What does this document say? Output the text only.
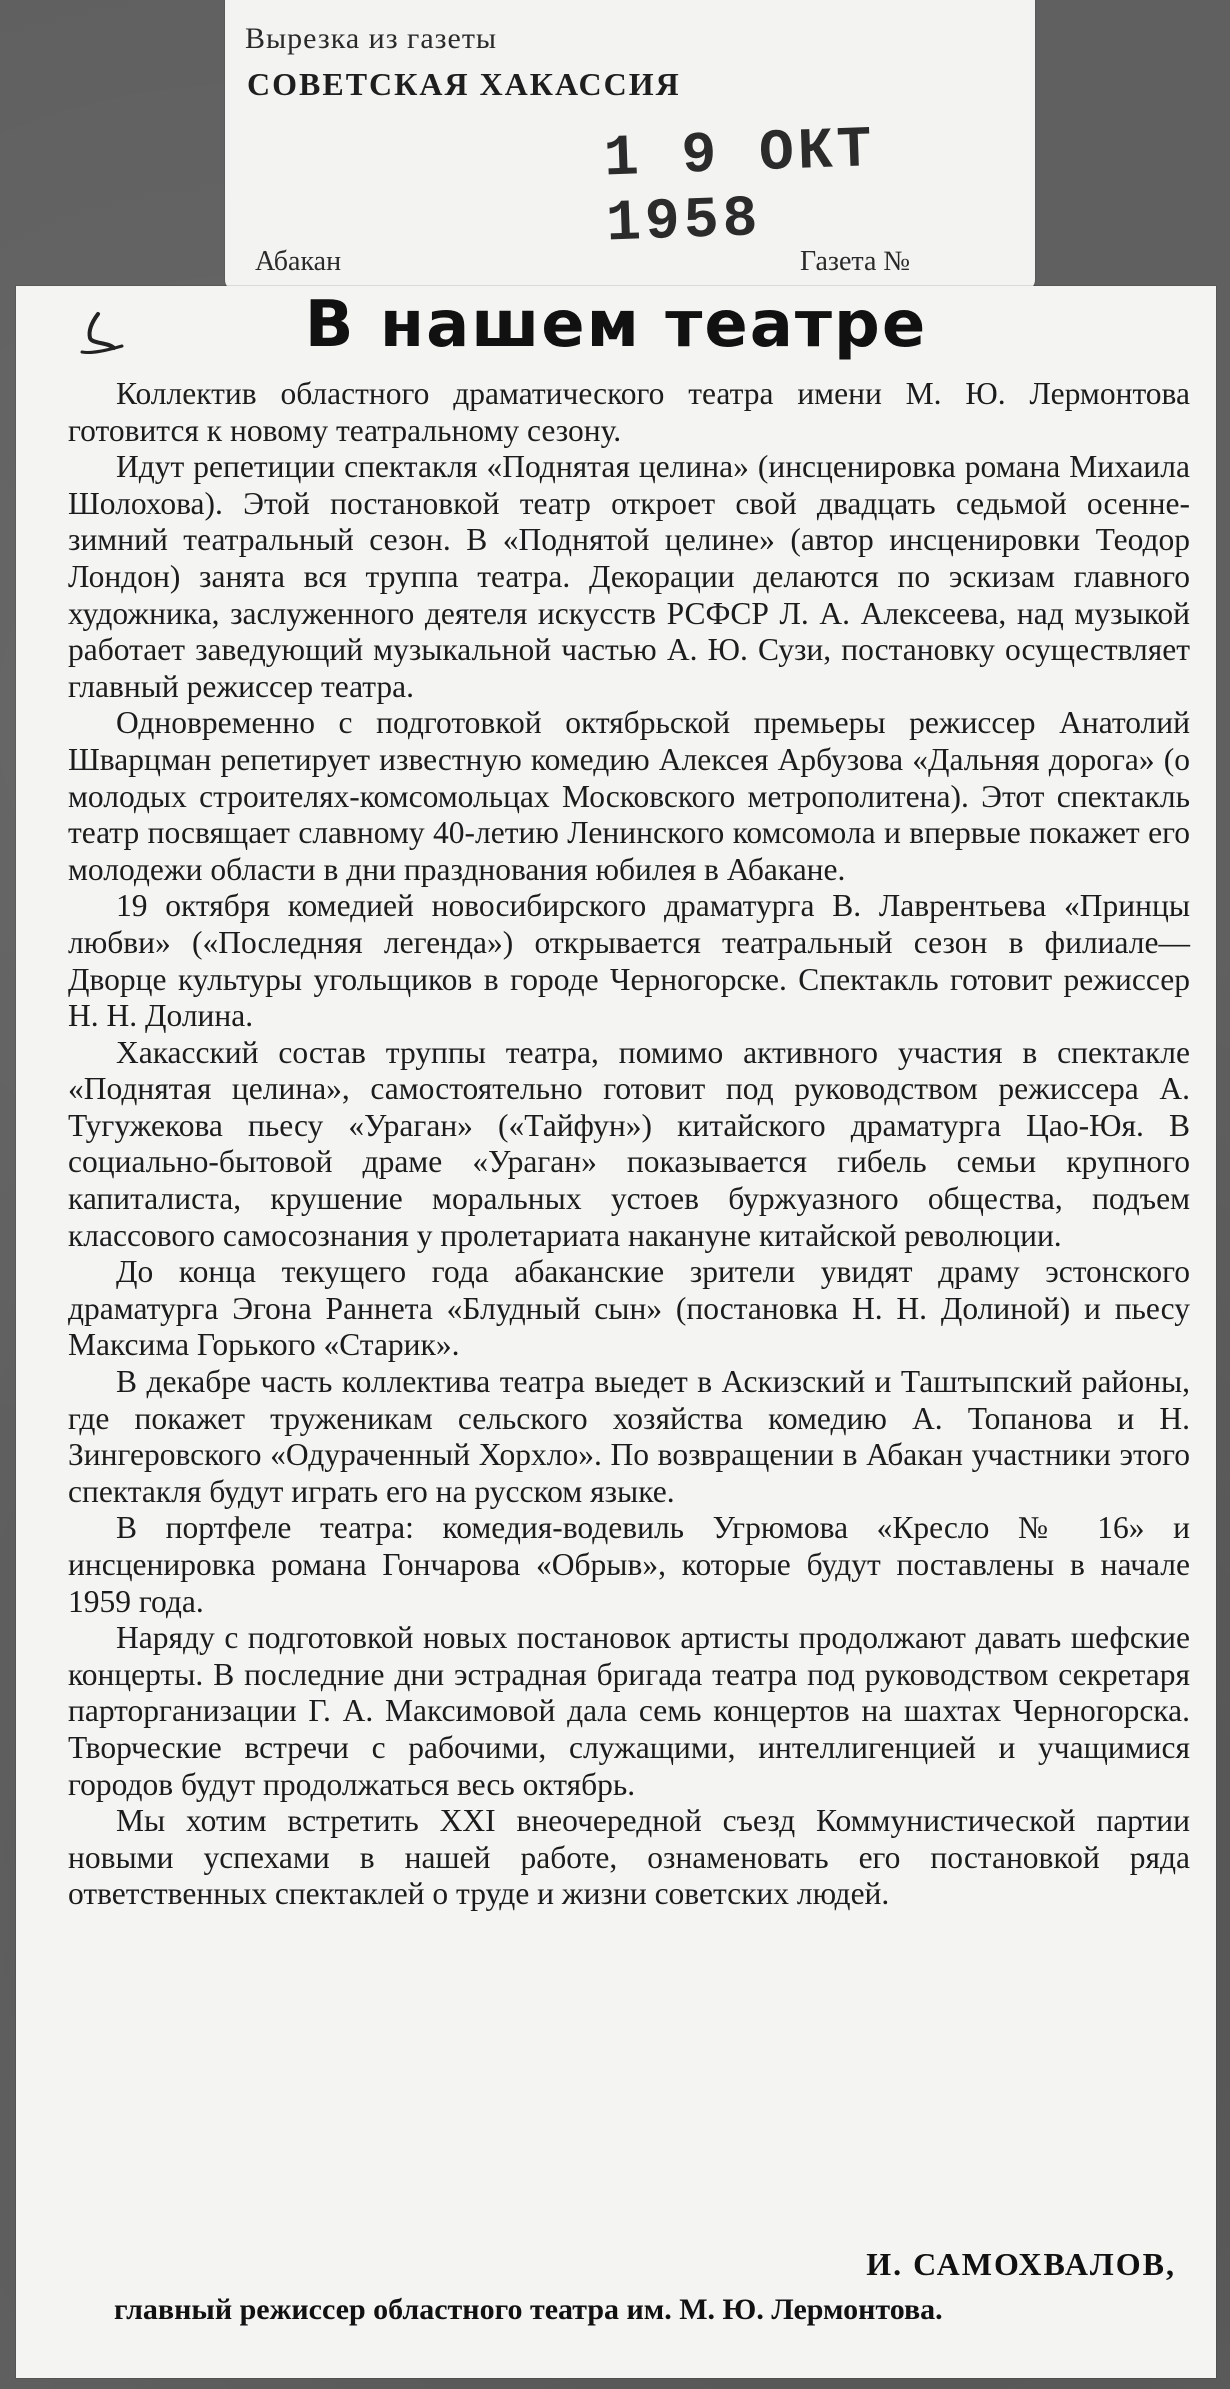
Вырезка из газеты
СОВЕТСКАЯ ХАКАССИЯ
1 9 ОКТ 1958
Абакан	Газета №
В нашем театре

Коллектив областного драматического театра имени М. Ю. Лермонтова готовится к новому театральному сезону.

Идут репетиции спектакля «Поднятая целина» (инсценировка романа Михаила Шолохова). Этой постановкой театр откроет свой двадцать седьмой осенне-зимний театральный сезон. В «Поднятой целине» (автор инсценировки Теодор Лондон) занята вся труппа театра. Декорации делаются по эскизам главного художника, заслуженного деятеля искусств РСФСР Л. А. Алексеева, над музыкой работает заведующий музыкальной частью А. Ю. Сузи, постановку осуществляет главный режиссер театра.

Одновременно с подготовкой октябрьской премьеры режиссер Анатолий Шварцман репетирует известную комедию Алексея Арбузова «Дальняя дорога» (о молодых строителях-комсомольцах Московского метрополитена). Этот спектакль театр посвящает славному 40-летию Ленинского комсомола и впервые покажет его молодежи области в дни празднования юбилея в Абакане.

19 октября комедией новосибирского драматурга В. Лаврентьева «Принцы любви» («Последняя легенда») открывается театральный сезон в филиале—Дворце культуры угольщиков в городе Черногорске. Спектакль готовит режиссер Н. Н. Долина.

Хакасский состав труппы театра, помимо активного участия в спектакле «Поднятая целина», самостоятельно готовит под руководством режиссера А. Тугужекова пьесу «Ураган» («Тайфун») китайского драматурга Цао-Юя. В социально-бытовой драме «Ураган» показывается гибель семьи крупного капиталиста, крушение моральных устоев буржуазного общества, подъем классового самосознания у пролетариата накануне китайской революции.

До конца текущего года абаканские зрители увидят драму эстонского драматурга Эгона Раннета «Блудный сын» (постановка Н. Н. Долиной) и пьесу Максима Горького «Старик».

В декабре часть коллектива театра выедет в Аскизский и Таштыпский районы, где покажет труженикам сельского хозяйства комедию А. Топанова и Н. Зингеровского «Одураченный Хорхло». По возвращении в Абакан участники этого спектакля будут играть его на русском языке.

В портфеле театра: комедия-водевиль Угрюмова «Кресло № 16» и инсценировка романа Гончарова «Обрыв», которые будут поставлены в начале 1959 года.

Наряду с подготовкой новых постановок артисты продолжают давать шефские концерты. В последние дни эстрадная бригада театра под руководством секретаря парторганизации Г. А. Максимовой дала семь концертов на шахтах Черногорска. Творческие встречи с рабочими, служащими, интеллигенцией и учащимися городов будут продолжаться весь октябрь.

Мы хотим встретить XXI внеочередной съезд Коммунистической партии новыми успехами в нашей работе, ознаменовать его постановкой ряда ответственных спектаклей о труде и жизни советских людей.

И. САМОХВАЛОВ,
главный режиссер областного театра им. М. Ю. Лермонтова.
